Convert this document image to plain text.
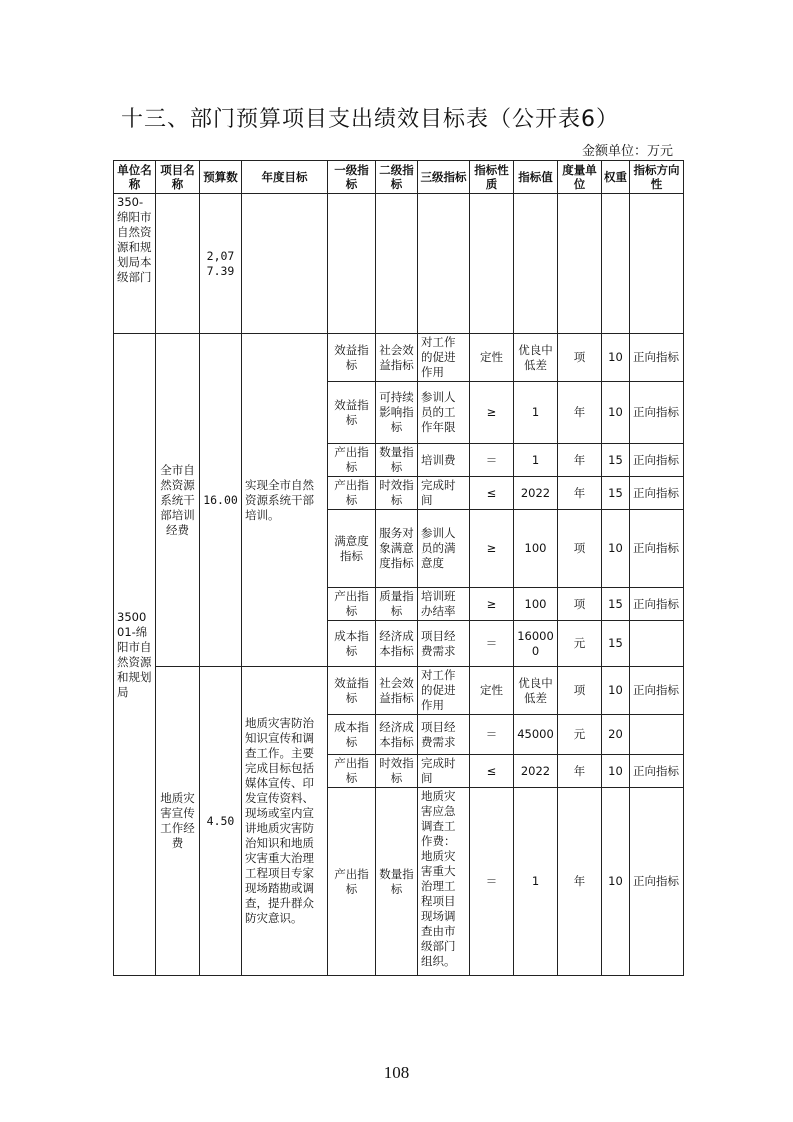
十三、部门预算项目支出绩效目标表（公开表6）
金额单位：万元
单位名称	项目名称	预算数	年度目标	一级指标	二级指标	三级指标	指标性质	指标值	度量单位	权重	指标方向性
350-绵阳市自然资源和规划局本级部门		2,077.39									
350001-绵阳市自然资源和规划局	全市自然资源系统干部培训经费	16.00	实现全市自然资源系统干部培训。	效益指标	社会效益指标	对工作的促进作用	定性	优良中低差	项	10	正向指标
				效益指标	可持续影响指标	参训人员的工作年限	≥	1	年	10	正向指标
				产出指标	数量指标	培训费	＝	1	年	15	正向指标
				产出指标	时效指标	完成时间	≤	2022	年	15	正向指标
				满意度指标	服务对象满意度指标	参训人员的满意度	≥	100	项	10	正向指标
				产出指标	质量指标	培训班办结率	≥	100	项	15	正向指标
				成本指标	经济成本指标	项目经费需求	＝	160000	元	15	
	地质灾害宣传工作经费	4.50	地质灾害防治知识宣传和调查工作。主要完成目标包括媒体宣传、印发宣传资料、现场或室内宣讲地质灾害防治知识和地质灾害重大治理工程项目专家现场踏勘或调查，提升群众防灾意识。	效益指标	社会效益指标	对工作的促进作用	定性	优良中低差	项	10	正向指标
				成本指标	经济成本指标	项目经费需求	＝	45000	元	20	
				产出指标	时效指标	完成时间	≤	2022	年	10	正向指标
				产出指标	数量指标	地质灾害应急调查工作费：地质灾害重大治理工程项目现场调查由市级部门组织。	＝	1	年	10	正向指标
108
